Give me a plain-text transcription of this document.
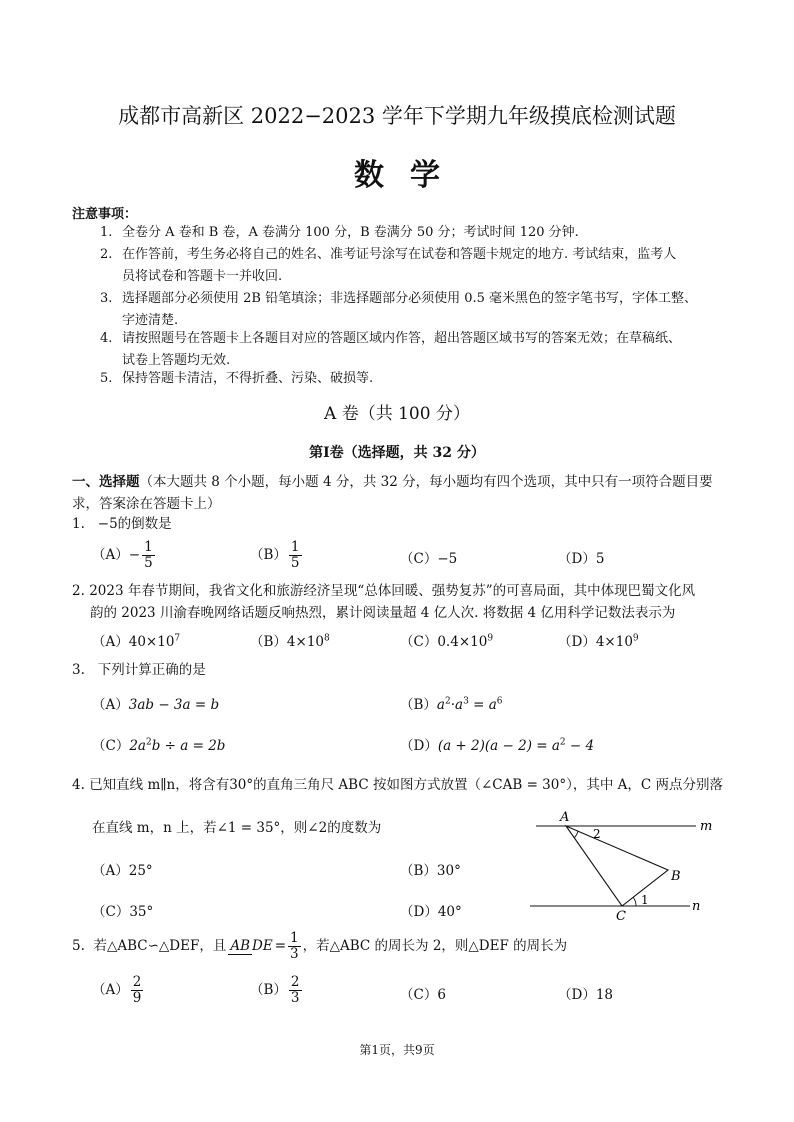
成都市高新区 2022−2023 学年下学期九年级摸底检测试题
数学
注意事项：
1. 全卷分 A 卷和 B 卷，A 卷满分 100 分，B 卷满分 50 分；考试时间 120 分钟.
2. 在作答前，考生务必将自己的姓名、准考证号涂写在试卷和答题卡规定的地方. 考试结束，监考人
员将试卷和答题卡一并收回.
3. 选择题部分必须使用 2B 铅笔填涂；非选择题部分必须使用 0.5 毫米黑色的签字笔书写，字体工整、
字迹清楚.
4. 请按照题号在答题卡上各题目对应的答题区域内作答，超出答题区域书写的答案无效；在草稿纸、
试卷上答题均无效.
5. 保持答题卡清洁，不得折叠、污染、破损等.
A 卷（共 100 分）
第Ⅰ卷（选择题，共 32 分）
一、选择题（本大题共 8 个小题，每小题 4 分，共 32 分，每小题均有四个选项，其中只有一项符合题目要
求，答案涂在答题卡上）
1. −5的倒数是
$(A)- \frac{1}{5}$	$(B) \frac{1}{5}$	（C）−5	（D）5
2. 2023 年春节期间，我省文化和旅游经济呈现“总体回暖、强势复苏”的可喜局面，其中体现巴蜀文化风
韵的 2023 川渝春晚网络话题反响热烈，累计阅读量超 4 亿人次. 将数据 4 亿用科学记数法表示为
$(A)40\times 10^7$	$(B)4\times 10^8$	$(C)0.4\times 10^9$	$(D)4\times 10^9$
3. 下列计算正确的是
（A）3ab − 3a = b	$(B)a^2\cdot a^3 = a^6$
$(C)2a^2b \div a = 2b$	$(D)(a + 2)(a - 2) = a^2 - 4$
4. 已知直线 m∥n，将含有30°的直角三角尺 ABC 按如图方式放置（∠CAB = 30°），其中 A，C 两点分别落
在直线 m，n 上，若∠1 = 35°，则∠2的度数为
（A）25°	（B）30°
（C）35°	（D）40°
A
B
C
m
n
1
2
5. 若△ABC∽△DEF，且 AB DE = $\frac{1}{3}$ ，若△ABC 的周长为 2，则△DEF 的周长为
$(A) \frac{2}{9}$	$(B) \frac{2}{3}$	（C）6	（D）18
第1页，共9页
